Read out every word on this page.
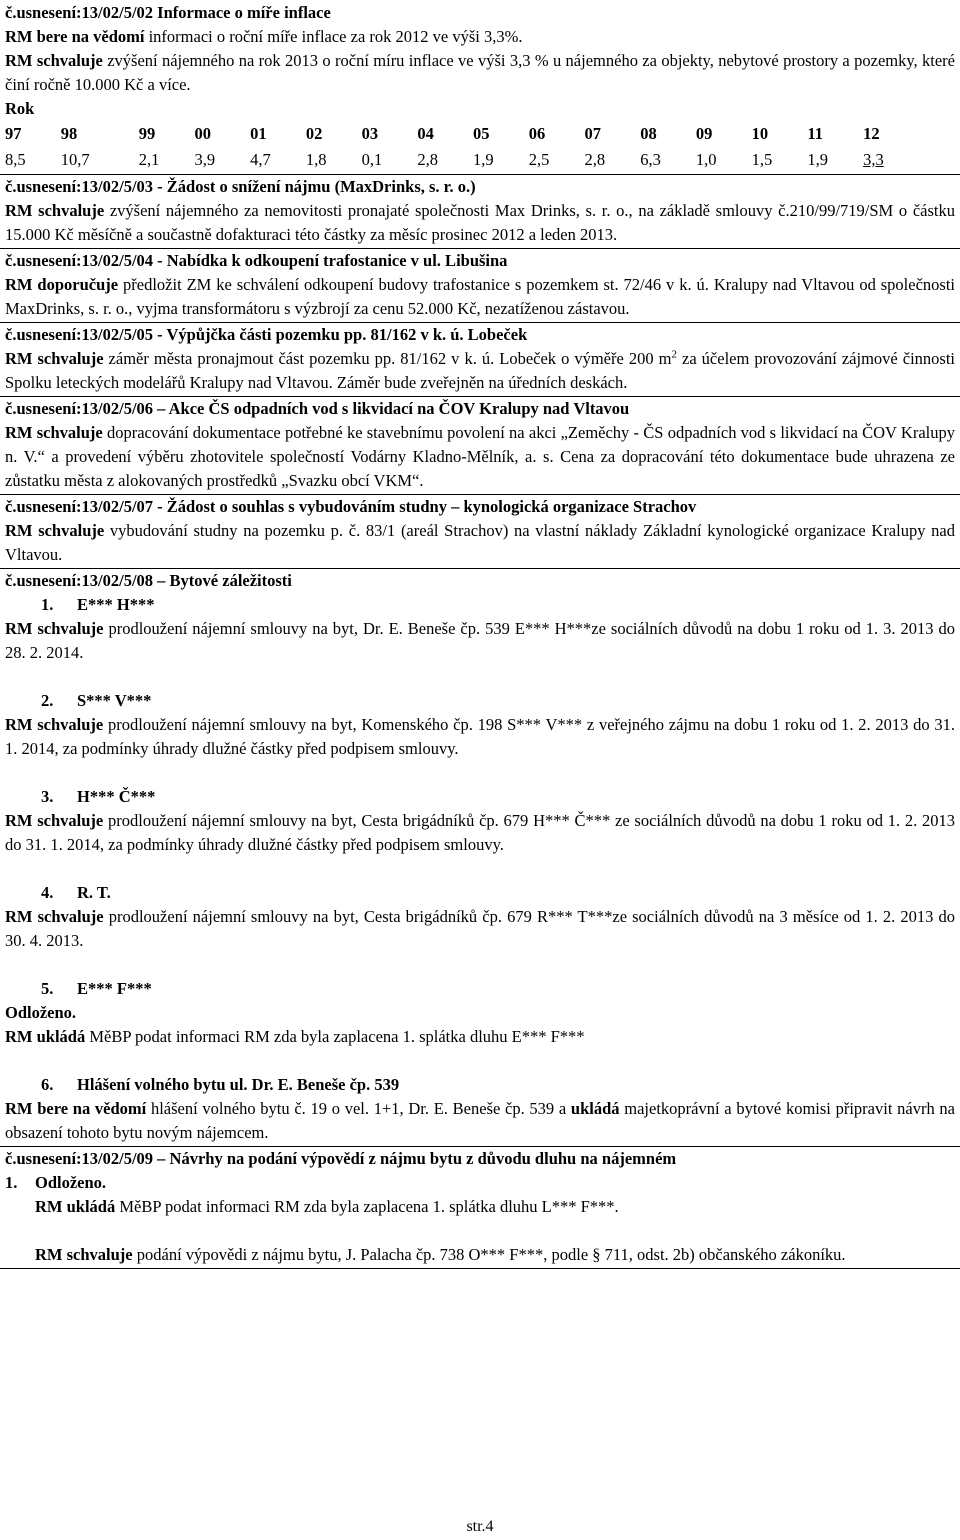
č.usnesení:13/02/5/02 Informace o míře inflace

RM bere na vědomí informaci o roční míře inflace za rok 2012 ve výši 3,3%.

RM schvaluje zvýšení nájemného na rok 2013 o roční míru inflace ve výši 3,3 % u nájemného za objekty, nebytové prostory a pozemky, které činí ročně 10.000 Kč a více.

Rok

97	98	99	00	01	02	03	04	05	06	07	08	09	10	11	12
8,5	10,7	2,1	3,9	4,7	1,8	0,1	2,8	1,9	2,5	2,8	6,3	1,0	1,5	1,9	3,3

č.usnesení:13/02/5/03 - Žádost o snížení nájmu (MaxDrinks, s. r. o.)

RM schvaluje zvýšení nájemného za nemovitosti pronajaté společnosti Max Drinks, s. r. o., na základě smlouvy č.210/99/719/SM o částku 15.000 Kč měsíčně a součastně dofakturaci této částky za měsíc prosinec 2012 a leden 2013.

č.usnesení:13/02/5/04 - Nabídka k odkoupení trafostanice v ul. Libušina

RM doporučuje předložit ZM ke schválení odkoupení budovy trafostanice s pozemkem st. 72/46 v k. ú. Kralupy nad Vltavou od společnosti MaxDrinks, s. r. o., vyjma transformátoru s výzbrojí za cenu 52.000 Kč, nezatíženou zástavou.

č.usnesení:13/02/5/05 - Výpůjčka části pozemku pp. 81/162 v k. ú. Lobeček

RM schvaluje záměr města pronajmout část pozemku pp. 81/162 v k. ú. Lobeček o výměře 200 $m^2$ za účelem provozování zájmové činnosti Spolku leteckých modelářů Kralupy nad Vltavou. Záměr bude zveřejněn na úředních deskách.

č.usnesení:13/02/5/06 – Akce ČS odpadních vod s likvidací na ČOV Kralupy nad Vltavou

RM schvaluje dopracování dokumentace potřebné ke stavebnímu povolení na akci „Zeměchy - ČS odpadních vod s likvidací na ČOV Kralupy n. V.“ a provedení výběru zhotovitele společností Vodárny Kladno-Mělník, a. s. Cena za dopracování této dokumentace bude uhrazena ze zůstatku města z alokovaných prostředků „Svazku obcí VKM“.

č.usnesení:13/02/5/07 - Žádost o souhlas s vybudováním studny – kynologická organizace Strachov

RM schvaluje vybudování studny na pozemku p. č. 83/1 (areál Strachov) na vlastní náklady Základní kynologické organizace Kralupy nad Vltavou.

č.usnesení:13/02/5/08 – Bytové záležitosti

1. E*** H***

RM schvaluje prodloužení nájemní smlouvy na byt, Dr. E. Beneše čp. 539 E*** H***ze sociálních důvodů na dobu 1 roku od 1. 3. 2013 do 28. 2. 2014.

2. S*** V***

RM schvaluje prodloužení nájemní smlouvy na byt, Komenského čp. 198 S*** V*** z veřejného zájmu na dobu 1 roku od 1. 2. 2013 do 31. 1. 2014, za podmínky úhrady dlužné částky před podpisem smlouvy.

3. H*** Č***

RM schvaluje prodloužení nájemní smlouvy na byt, Cesta brigádníků čp. 679 H*** Č*** ze sociálních důvodů na dobu 1 roku od 1. 2. 2013 do 31. 1. 2014, za podmínky úhrady dlužné částky před podpisem smlouvy.

4. R. T.

RM schvaluje prodloužení nájemní smlouvy na byt, Cesta brigádníků čp. 679 R*** T***ze sociálních důvodů na 3 měsíce od 1. 2. 2013 do 30. 4. 2013.

5. E*** F***

Odloženo.

RM ukládá MěBP podat informaci RM zda byla zaplacena 1. splátka dluhu E*** F***

6. Hlášení volného bytu ul. Dr. E. Beneše čp. 539

RM bere na vědomí hlášení volného bytu č. 19 o vel. 1+1, Dr. E. Beneše čp. 539 a ukládá majetkoprávní a bytové komisi připravit návrh na obsazení tohoto bytu novým nájemcem.

č.usnesení:13/02/5/09 – Návrhy na podání výpovědí z nájmu bytu z důvodu dluhu na nájemném

1. Odloženo.

RM ukládá MěBP podat informaci RM zda byla zaplacena 1. splátka dluhu L*** F***.

RM schvaluje podání výpovědi z nájmu bytu, J. Palacha čp. 738 O*** F***, podle § 711, odst. 2b) občanského zákoníku.

str.4
